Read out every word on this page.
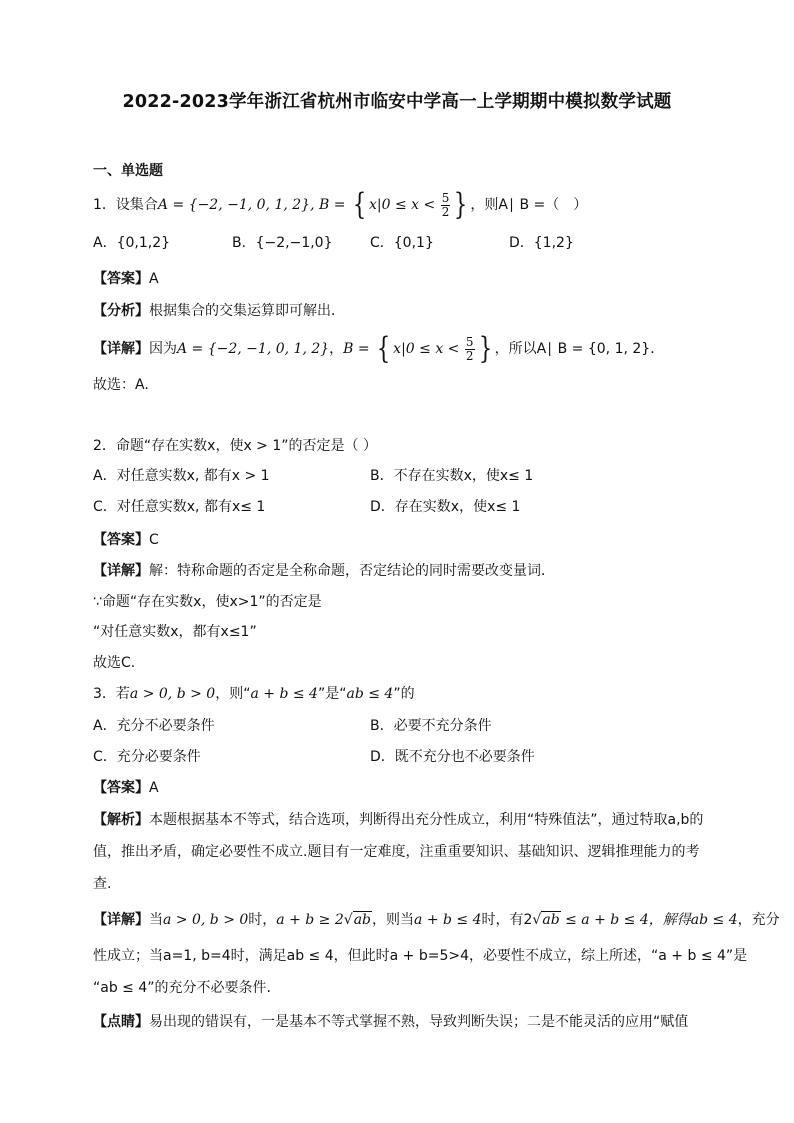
2022-2023学年浙江省杭州市临安中学高一上学期期中模拟数学试题
一、单选题
1．设集合A = {−2, −1, 0, 1, 2}, B = { $x|0 \le x < \frac{5}{2}$ } ，则A∣ B =（　）
A．{0,1,2}	B．{−2,−1,0}	C．{0,1}	D．{1,2}
【答案】A
【分析】根据集合的交集运算即可解出．
【详解】因为A = {−2, −1, 0, 1, 2}，B = { $x|0 \le x < \frac{5}{2}$ } ，所以A∣ B = {0, 1, 2}．
故选：A.
2．命题“存在实数x，使x > 1”的否定是（ ）
A．对任意实数x, 都有x > 1	B．不存在实数x，使x≤ 1
C．对任意实数x, 都有x≤ 1	D．存在实数x，使x≤ 1
【答案】C
【详解】解：特称命题的否定是全称命题，否定结论的同时需要改变量词．
∵命题“存在实数x，使x>1”的否定是
“对任意实数x，都有x≤1”
故选C.
3．若a > 0, b > 0，则“a + b ≤ 4”是“ab ≤ 4”的
A．充分不必要条件	B．必要不充分条件
C．充分必要条件	D．既不充分也不必要条件
【答案】A
【解析】本题根据基本不等式，结合选项，判断得出充分性成立，利用“特殊值法”，通过特取a,b的
值，推出矛盾，确定必要性不成立.题目有一定难度，注重重要知识、基础知识、逻辑推理能力的考
查.
【详解】当a > 0, b > 0时，a + b ≥ 2√ab，则当a + b ≤ 4时，有2√ab ≤ a + b ≤ 4，解得ab ≤ 4，充分
性成立；当a=1, b=4时，满足ab ≤ 4，但此时a + b=5>4，必要性不成立，综上所述，“a + b ≤ 4”是
“ab ≤ 4”的充分不必要条件.
【点睛】易出现的错误有，一是基本不等式掌握不熟，导致判断失误；二是不能灵活的应用“赋值
